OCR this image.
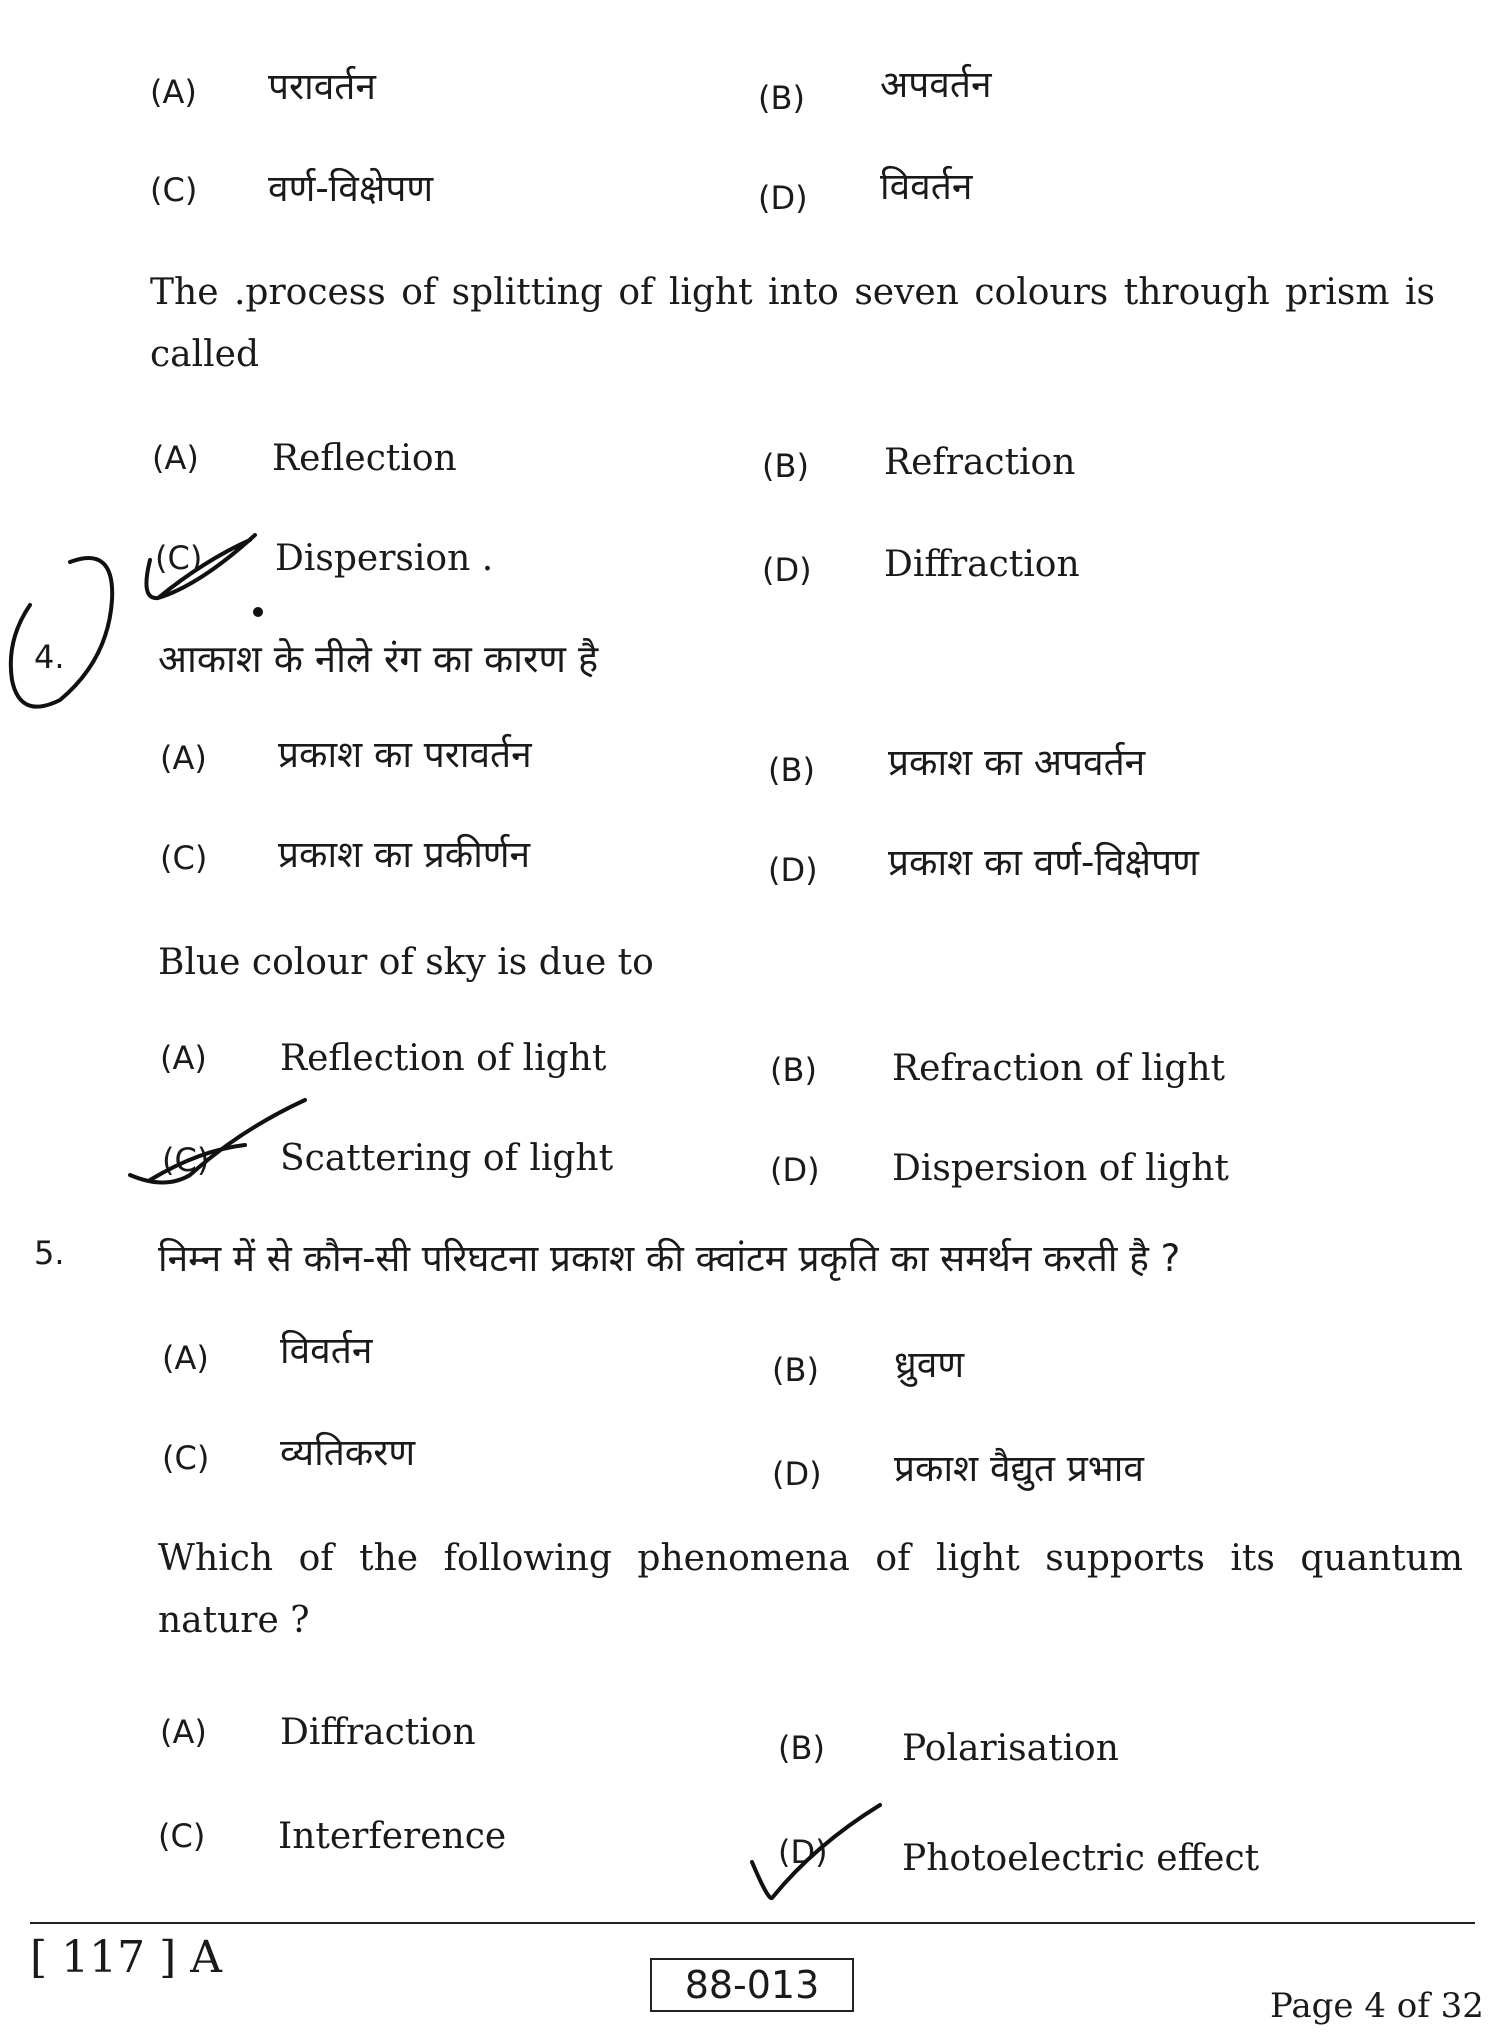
(A) परावर्तन	(B) अपवर्तन
(C) वर्ण-विक्षेपण	(D) विवर्तन
The .process of splitting of light into seven colours through prism is called
(A) Reflection	(B) Refraction
(C) Dispersion .	(D) Diffraction
4. आकाश के नीले रंग का कारण है
(A) प्रकाश का परावर्तन	(B) प्रकाश का अपवर्तन
(C) प्रकाश का प्रकीर्णन	(D) प्रकाश का वर्ण-विक्षेपण
Blue colour of sky is due to
(A) Reflection of light	(B) Refraction of light
(C) Scattering of light	(D) Dispersion of light
5.	निम्न में से कौन-सी परिघटना प्रकाश की क्वांटम प्रकृति का समर्थन करती है ?
(A) विवर्तन	(B) ध्रुवण
(C) व्यतिकरण	(D) प्रकाश वैद्युत प्रभाव
Which of the following phenomena of light supports its quantum nature ?
(A) Diffraction	(B) Polarisation
(C) Interference	(D) Photoelectric effect
[ 117 ] A
88-013	Page 4 of 32
